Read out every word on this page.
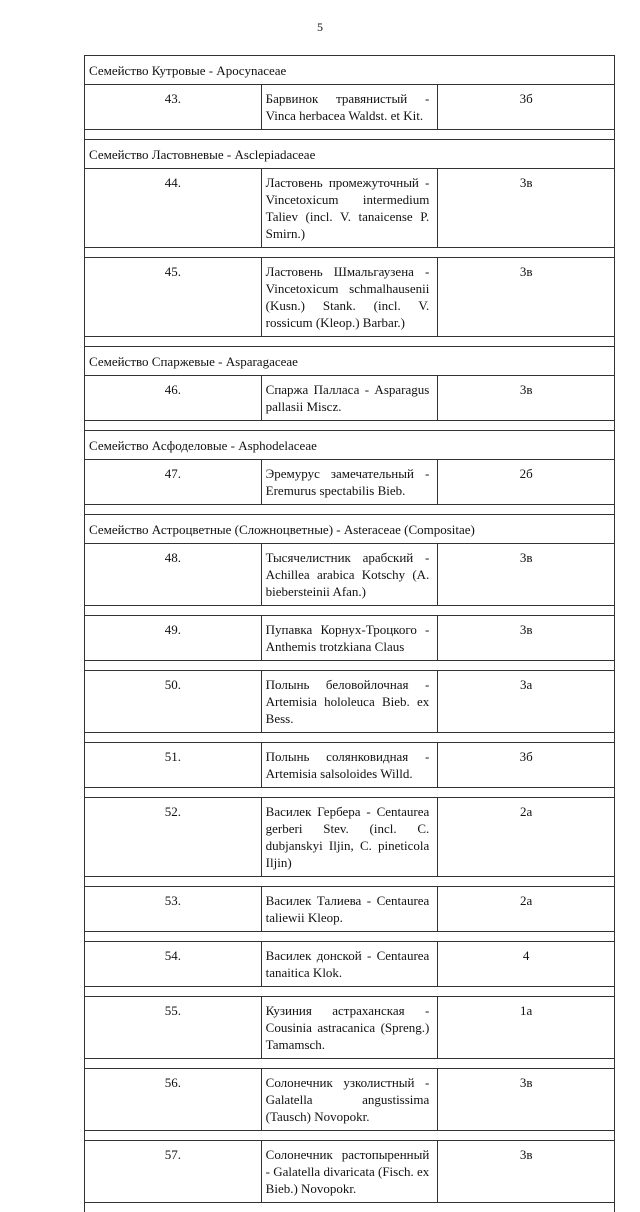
5
Семейство Кутровые - Apocynaceae		
43.	Барвинок травянистый - Vinca herbacea Waldst. et Kit.	3б

Семейство Ластовневые - Asclepiadaceae		
44.	Ластовень промежуточный - Vincetoxicum intermedium Taliev (incl. V. tanaicense P. Smirn.)	3в

45.	Ластовень Шмальгаузена - Vincetoxicum schmalhausenii (Kusn.) Stank. (incl. V. rossicum (Kleop.) Barbar.)	3в

Семейство Спаржевые - Asparagaceae		
46.	Спаржа Палласа - Asparagus pallasii Miscz.	3в

Семейство Асфоделовые - Asphodelaceae		
47.	Эремурус замечательный - Eremurus spectabilis Bieb.	2б

Семейство Астроцветные (Сложноцветные) - Asteraceae (Compositae)		
48.	Тысячелистник арабский - Achillea arabica Kotschy (A. biebersteinii Afan.)	3в

49.	Пупавка Корнух-Троцкого - Anthemis trotzkiana Claus	3в

50.	Полынь беловойлочная - Artemisia hololeuca Bieb. ex Bess.	3а

51.	Полынь солянковидная - Artemisia salsoloides Willd.	3б

52.	Василек Гербера - Centaurea gerberi Stev. (incl. C. dubjanskyi Iljin, C. pineticola Iljin)	2а

53.	Василек Талиева - Centaurea taliewii Kleop.	2а

54.	Василек донской - Centaurea tanaitica Klok.	4

55.	Кузиния астраханская - Cousinia astracanica (Spreng.) Tamamsch.	1а

56.	Солонечник узколистный - Galatella angustissima (Tausch) Novopokr.	3в

57.	Солонечник растопыренный - Galatella divaricata (Fisch. ex Bieb.) Novopokr.	3в
